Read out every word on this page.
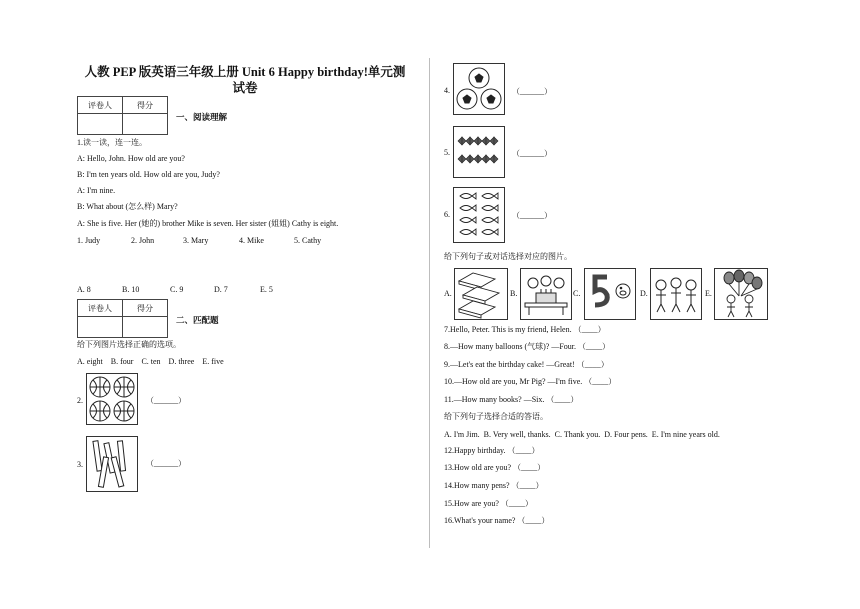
人教 PEP 版英语三年级上册 Unit 6 Happy birthday!单元测
试卷
评卷人	得分

一、阅读理解
1.读一读，连一连。
A: Hello, John. How old are you?
B: I'm ten years old. How old are you, Judy?
A: I'm nine.
B: What about (怎么样) Mary?
A: She is five. Her (她的) brother Mike is seven. Her sister (姐姐) Cathy is eight.
1. Judy	2. John	3. Mary	4. Mike	5. Cathy
A. 8	B. 10	C. 9	D. 7	E. 5
评卷人	得分

二、匹配题
给下列图片选择正确的选项。
A. eight    B. four    C. ten    D. three    E. five
2.	（______）
3.	（______）
4.	（______）
5.	（______）
6.	（______）
给下列句子或对话选择对应的图片。
A.	B.	C.	D.	E.
7.Hello, Peter. This is my friend, Helen. （____）
8.—How many balloons (气球)? —Four. （____）
9.—Let's eat the birthday cake! —Great! （____）
10.—How old are you, Mr Pig? —I'm five. （____）
11.—How many books? —Six. （____）
给下列句子选择合适的答语。
A. I'm Jim.  B. Very well, thanks.  C. Thank you.  D. Four pens.  E. I'm nine years old.
12.Happy birthday. （____）
13.How old are you? （____）
14.How many pens? （____）
15.How are you? （____）
16.What's your name? （____）
